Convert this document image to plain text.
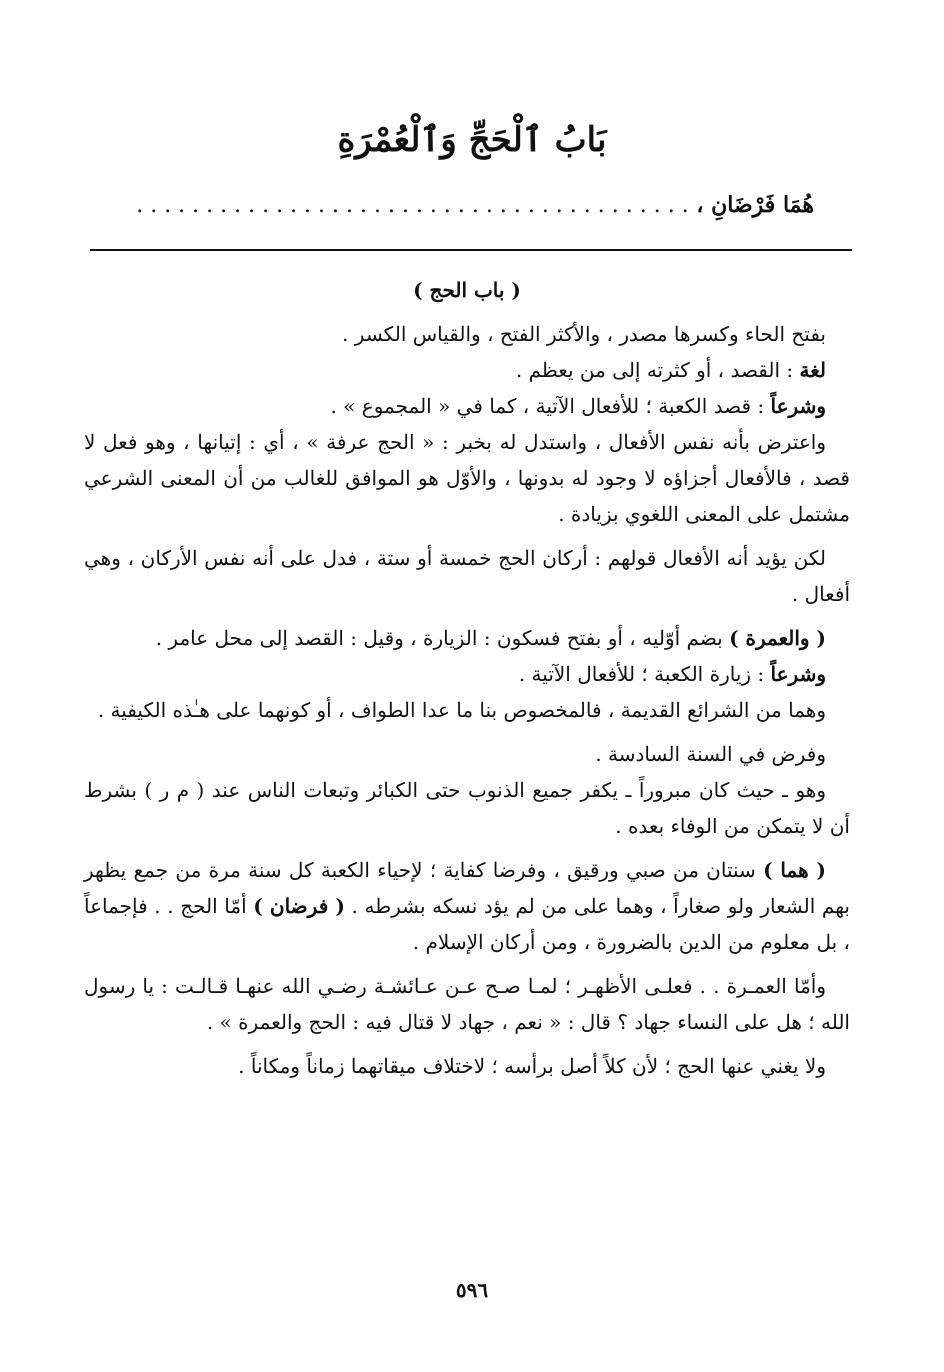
بَابُ ٱلْحَجِّ وَٱلْعُمْرَةِ
هُمَا فَرْضَانِ ، . . . . . . . . . . . . . . . . . . . . . . . . . . . . . . . . . . . . . . . .

( باب الحج )

بفتح الحاء وكسرها مصدر ، والأكثر الفتح ، والقياس الكسر .

لغة : القصد ، أو كثرته إلى من يعظم .

وشرعاً : قصد الكعبة ؛ للأفعال الآتية ، كما في « المجموع » .

واعترض بأنه نفس الأفعال ، واستدل له بخبر : « الحج عرفة » ، أي : إتيانها ، وهو فعل لا قصد ، فالأفعال أجزاؤه لا وجود له بدونها ، والأوّل هو الموافق للغالب من أن المعنى الشرعي مشتمل على المعنى اللغوي بزيادة .

لكن يؤيد أنه الأفعال قولهم : أركان الحج خمسة أو ستة ، فدل على أنه نفس الأركان ، وهي أفعال .

( والعمرة ) بضم أوّليه ، أو بفتح فسكون : الزيارة ، وقيل : القصد إلى محل عامر .

وشرعاً : زيارة الكعبة ؛ للأفعال الآتية .

وهما من الشرائع القديمة ، فالمخصوص بنا ما عدا الطواف ، أو كونهما على هـٰذه الكيفية .

وفرض في السنة السادسة .

وهو ـ حيث كان مبروراً ـ يكفر جميع الذنوب حتى الكبائر وتبعات الناس عند ( م ر ) بشرط أن لا يتمكن من الوفاء بعده .

( هما ) سنتان من صبي ورقيق ، وفرضا كفاية ؛ لإحياء الكعبة كل سنة مرة من جمع يظهر بهم الشعار ولو صغاراً ، وهما على من لم يؤد نسكه بشرطه . ( فرضان ) أمّا الحج . . فإجماعاً ، بل معلوم من الدين بالضرورة ، ومن أركان الإسلام .

وأمّا العمـرة . . فعلـى الأظهـر ؛ لمـا صـح عـن عـائشـة رضـي الله عنهـا قـالـت : يا رسول الله ؛ هل على النساء جهاد ؟ قال : « نعم ، جهاد لا قتال فيه : الحج والعمرة » .

ولا يغني عنها الحج ؛ لأن كلاً أصل برأسه ؛ لاختلاف ميقاتهما زماناً ومكاناً .

٥٩٦
